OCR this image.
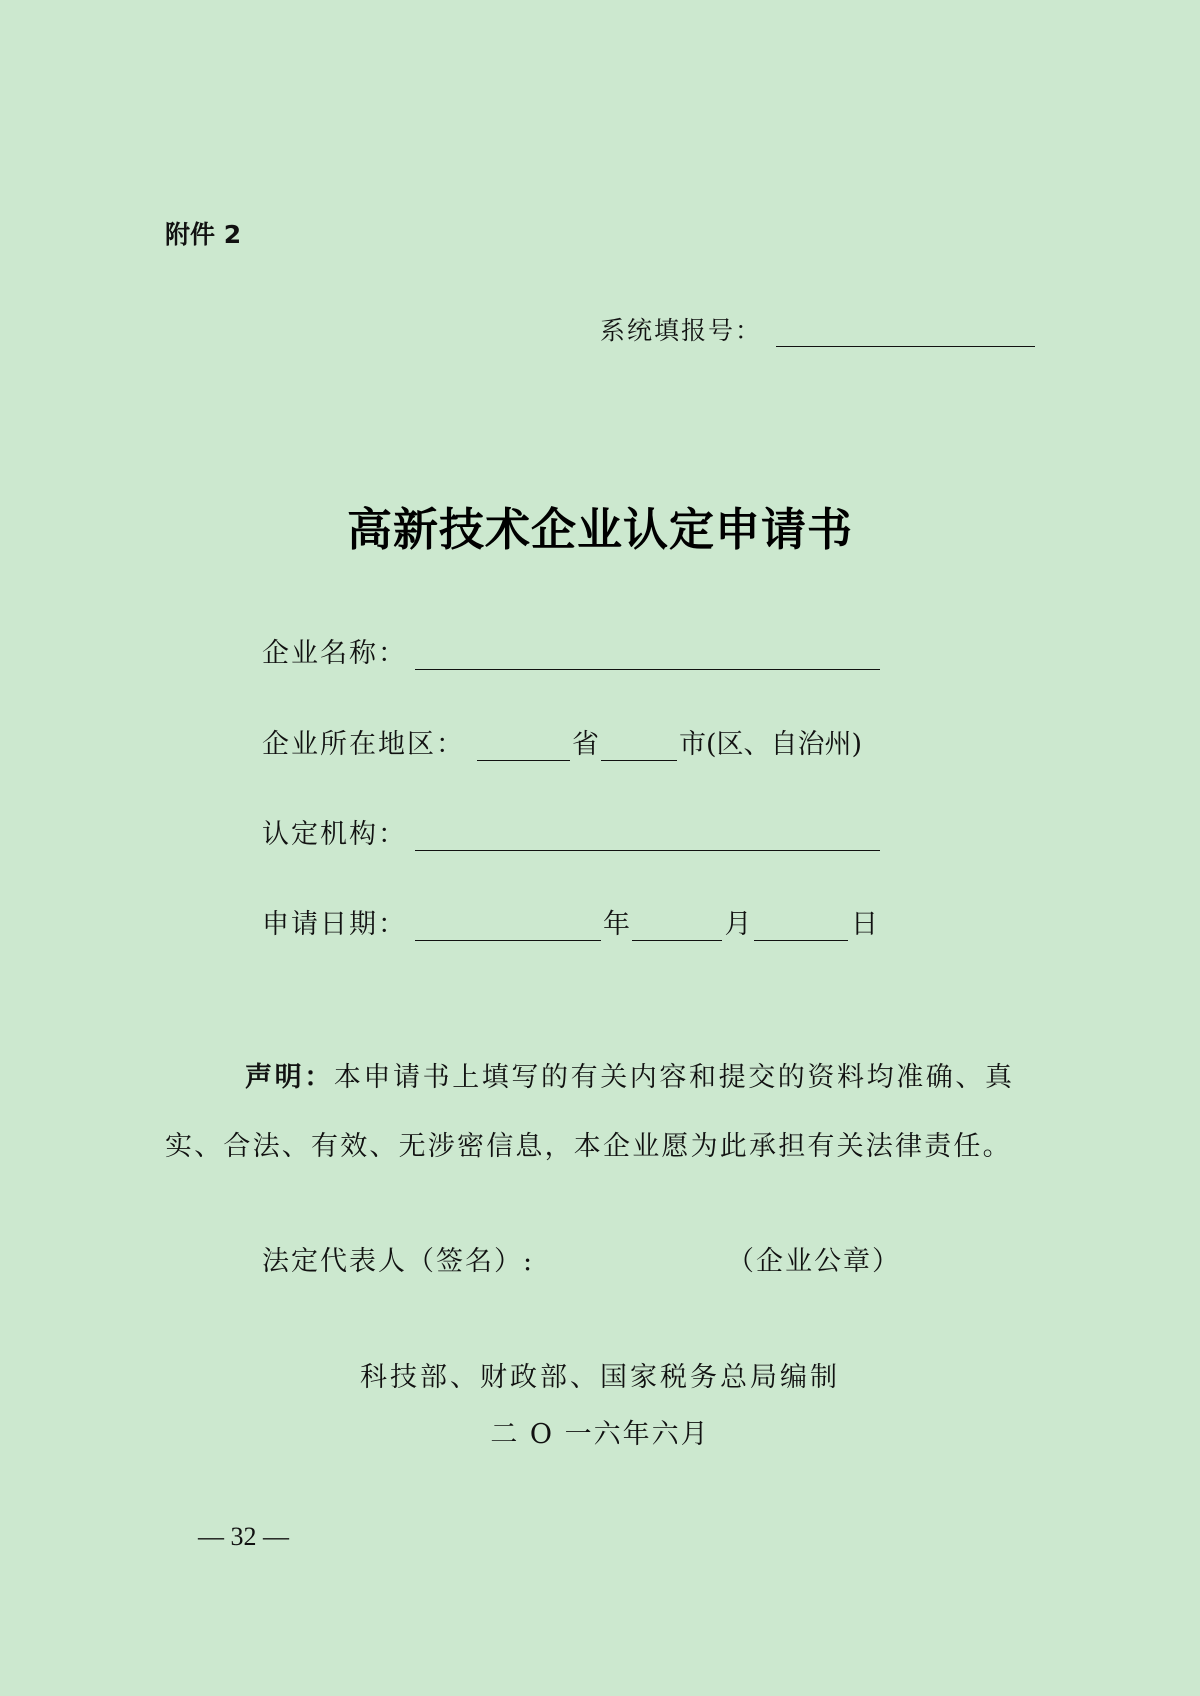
附件 2
系统填报号：
高新技术企业认定申请书
企业名称：
企业所在地区：	省	市(区、自治州)
认定机构：
申请日期：	年	月	日
声明：本申请书上填写的有关内容和提交的资料均准确、真
实、合法、有效、无涉密信息，本企业愿为此承担有关法律责任。
法定代表人（签名）:	（企业公章）
科技部、财政部、国家税务总局编制
二 O 一六年六月
— 32 —
